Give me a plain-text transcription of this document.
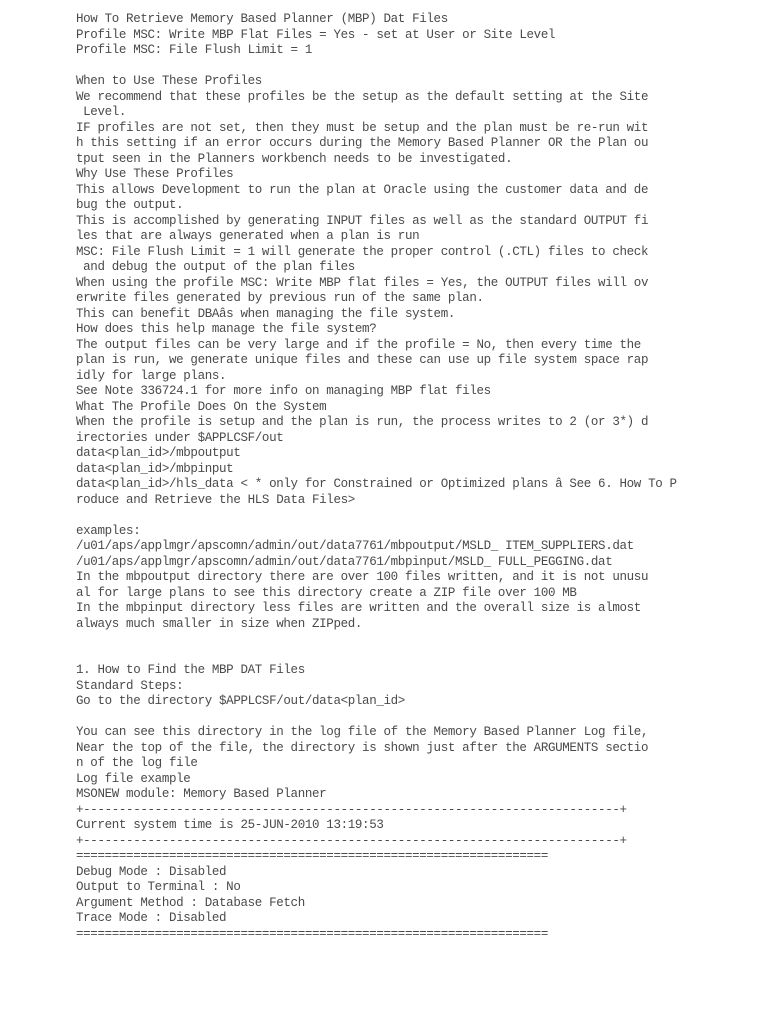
How To Retrieve Memory Based Planner (MBP) Dat Files
Profile MSC: Write MBP Flat Files = Yes - set at User or Site Level
Profile MSC: File Flush Limit = 1
When to Use These Profiles
We recommend that these profiles be the setup as the default setting at the Site
Level.
IF profiles are not set, then they must be setup and the plan must be re-run wit
h this setting if an error occurs during the Memory Based Planner OR the Plan ou
tput seen in the Planners workbench needs to be investigated.
Why Use These Profiles
This allows Development to run the plan at Oracle using the customer data and de
bug the output.
This is accomplished by generating INPUT files as well as the standard OUTPUT fi
les that are always generated when a plan is run
MSC: File Flush Limit = 1 will generate the proper control (.CTL) files to check
and debug the output of the plan files
When using the profile MSC: Write MBP flat files = Yes, the OUTPUT files will ov
erwrite files generated by previous run of the same plan.
This can benefit DBAâs when managing the file system.
How does this help manage the file system?
The output files can be very large and if the profile = No, then every time the
plan is run, we generate unique files and these can use up file system space rap
idly for large plans.
See Note 336724.1 for more info on managing MBP flat files
What The Profile Does On the System
When the profile is setup and the plan is run, the process writes to 2 (or 3*) d
irectories under $APPLCSF/out
data<plan_id>/mbpoutput
data<plan_id>/mbpinput
data<plan_id>/hls_data < * only for Constrained or Optimized plans â See 6. How To P
roduce and Retrieve the HLS Data Files>
examples:
/u01/aps/applmgr/apscomn/admin/out/data7761/mbpoutput/MSLD_ ITEM_SUPPLIERS.dat
/u01/aps/applmgr/apscomn/admin/out/data7761/mbpinput/MSLD_ FULL_PEGGING.dat
In the mbpoutput directory there are over 100 files written, and it is not unusu
al for large plans to see this directory create a ZIP file over 100 MB
In the mbpinput directory less files are written and the overall size is almost
always much smaller in size when ZIPped.
1. How to Find the MBP DAT Files
Standard Steps:
Go to the directory $APPLCSF/out/data<plan_id>
You can see this directory in the log file of the Memory Based Planner Log file,
Near the top of the file, the directory is shown just after the ARGUMENTS sectio
n of the log file
Log file example
MSONEW module: Memory Based Planner
+---------------------------------------------------------------------------+
Current system time is 25-JUN-2010 13:19:53
+---------------------------------------------------------------------------+
==================================================================
Debug Mode : Disabled
Output to Terminal : No
Argument Method : Database Fetch
Trace Mode : Disabled
==================================================================
